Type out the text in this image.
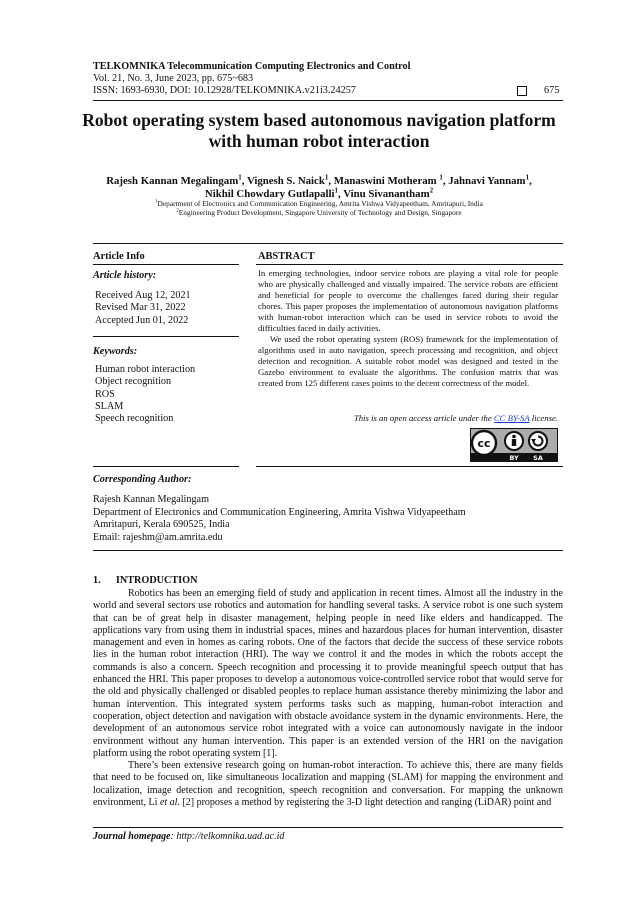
TELKOMNIKA Telecommunication Computing Electronics and Control
Vol. 21, No. 3, June 2023, pp. 675~683
ISSN: 1693-6930, DOI: 10.12928/TELKOMNIKA.v21i3.24257	675
Robot operating system based autonomous navigation platform with human robot interaction
Rajesh Kannan Megalingam$^1$, Vignesh S. Naick$^1$, Manaswini Motheram $^1$, Jahnavi Yannam$^1$,
Nikhil Chowdary Gutlapalli$^1$, Vinu Sivanantham$^2$
$^1$Department of Electronics and Communication Engineering, Amrita Vishwa Vidyapeetham, Amritapuri, India
$^2$Engineering Product Development, Singapore University of Technology and Design, Singapore
Article Info	ABSTRACT
Article history:
Received Aug 12, 2021
Revised Mar 31, 2022
Accepted Jun 01, 2022
Keywords:
Human robot interaction
Object recognition
ROS
SLAM
Speech recognition

In emerging technologies, indoor service robots are playing a vital role for people who are physically challenged and visually impaired. The service robots are efficient and beneficial for people to overcome the challenges faced during their regular chores. This paper proposes the implementation of autonomous navigation platforms with human-robot interaction which can be used in service robots to avoid the difficulties faced in daily activities.

We used the robot operating system (ROS) framework for the implementation of algorithms used in auto navigation, speech processing and recognition, and object detection and recognition. A suitable robot model was designed and tested in the Gazebo environment to evaluate the algorithms. The confusion matrix that was created from 125 different cases points to the decent correctness of the model.

This is an open access article under the CC BY-SA license.
cc
BY SA
Corresponding Author:
Rajesh Kannan Megalingam
Department of Electronics and Communication Engineering, Amrita Vishwa Vidyapeetham
Amritapuri, Kerala 690525, India
Email: rajeshm@am.amrita.edu
1.      INTRODUCTION

Robotics has been an emerging field of study and application in recent times. Almost all the industry in the world and several sectors use robotics and automation for handling several tasks. A service robot is one such system that can be of great help in disaster management, helping people in need like elders and handicapped. The applications vary from using them in industrial spaces, mines and hazardous places for human intervention, disaster management and even in homes as caring robots. One of the factors that decide the success of these service robots lies in the human robot interaction (HRI). The way we control it and the modes in which the robots accept the commands is also a concern. Speech recognition and processing it to provide meaningful speech output that has enhanced the HRI. This paper proposes to develop a autonomous voice-controlled service robot that would serve for the old and physically challenged or disabled peoples to replace human assistance thereby minimizing the labor and human intervention. This integrated system performs tasks such as mapping, human-robot interaction and cooperation, object detection and navigation with obstacle avoidance system in the dynamic environments. Here, the development of an autonomous service robot integrated with a voice can autonomously navigate in the indoor environment without any human intervention. This paper is an extended version of the HRI on the navigation platform using the robot operating system [1].

There’s been extensive research going on human-robot interaction. To achieve this, there are many fields that need to be focused on, like simultaneous localization and mapping (SLAM) for mapping the environment and localization, image detection and recognition, speech recognition and conversation. For mapping the unknown environment, Li et al. [2] proposes a method by registering the 3-D light detection and ranging (LiDAR) point and

Journal homepage: http://telkomnika.uad.ac.id
